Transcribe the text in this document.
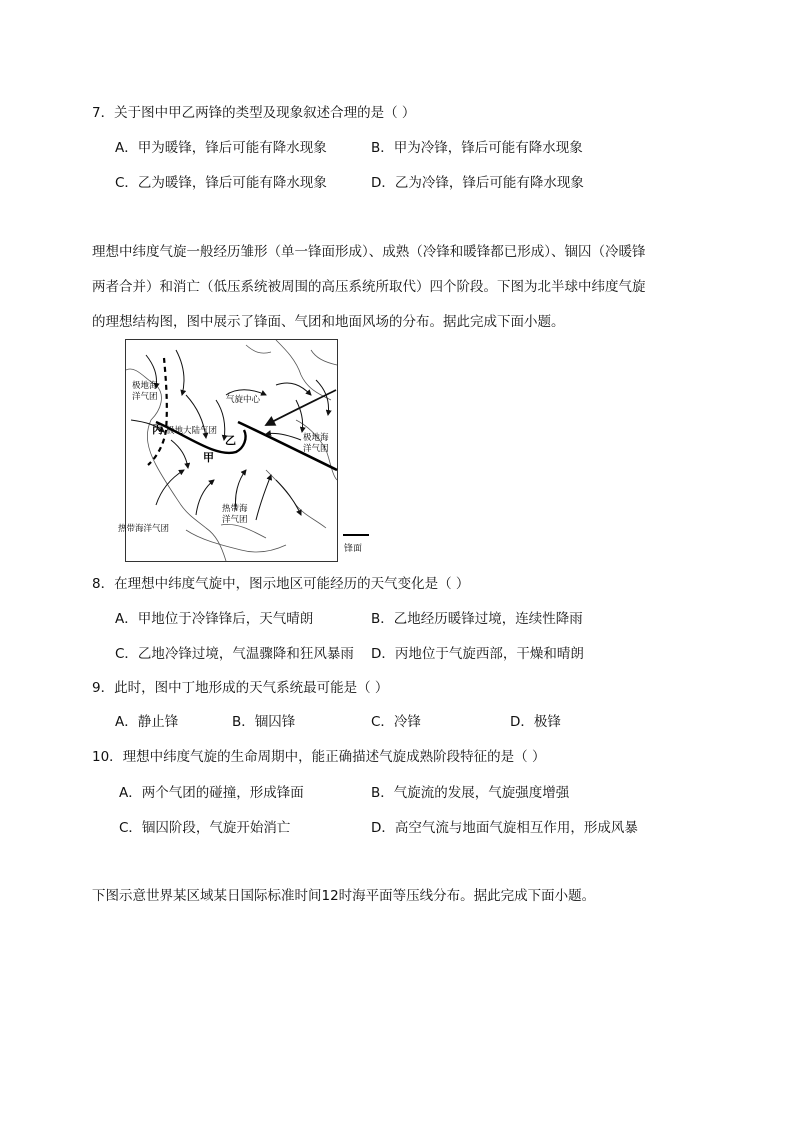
7．关于图中甲乙两锋的类型及现象叙述合理的是（ ）
A．甲为暖锋，锋后可能有降水现象	B．甲为冷锋，锋后可能有降水现象
C．乙为暖锋，锋后可能有降水现象	D．乙为冷锋，锋后可能有降水现象
理想中纬度气旋一般经历雏形（单一锋面形成）、成熟（冷锋和暖锋都已形成）、锢囚（冷暖锋
两者合并）和消亡（低压系统被周围的高压系统所取代）四个阶段。下图为北半球中纬度气旋
的理想结构图，图中展示了锋面、气团和地面风场的分布。据此完成下面小题。
极地海
洋气团
丙 极地大陆气团
气旋中心
乙
甲
极地海
洋气团
热带海
洋气团
热带海洋气团
锋面
8．在理想中纬度气旋中，图示地区可能经历的天气变化是（ ）
A．甲地位于冷锋锋后，天气晴朗	B．乙地经历暖锋过境，连续性降雨
C．乙地冷锋过境，气温骤降和狂风暴雨 D．丙地位于气旋西部，干燥和晴朗
9．此时，图中丁地形成的天气系统最可能是（ ）
A．静止锋	B．锢囚锋	C．冷锋	D．极锋
10．理想中纬度气旋的生命周期中，能正确描述气旋成熟阶段特征的是（ ）
A．两个气团的碰撞，形成锋面	B．气旋流的发展，气旋强度增强
C．锢囚阶段，气旋开始消亡	D．高空气流与地面气旋相互作用，形成风暴
下图示意世界某区域某日国际标准时间12时海平面等压线分布。据此完成下面小题。
